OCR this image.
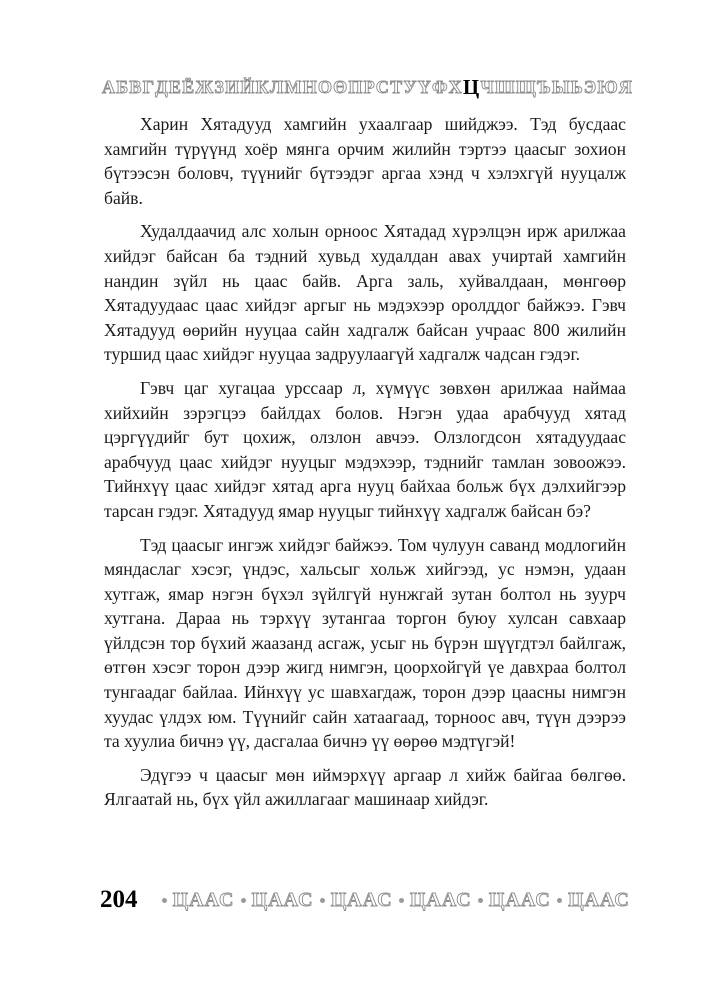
А Б В Г Д Е Ё Ж З И Й К Л М Н О Ө П Р С Т У Ү Ф Х Ц Ч Ш Щ Ъ Ы Ь Э Ю Я

Харин Хятадууд хамгийн ухаалгаар шийджээ. Тэд бусдаас хамгийн түрүүнд хоёр мянга орчим жилийн тэртээ цаасыг зохион бүтээсэн боловч, түүнийг бүтээдэг аргаа хэнд ч хэлэхгүй нууцалж байв.

Худалдаачид алс холын орноос Хятадад хүрэлцэн ирж арилжаа хийдэг байсан ба тэдний хувьд худалдан авах учиртай хамгийн нандин зүйл нь цаас байв. Арга заль, хуйвалдаан, мөнгөөр Хятадуудаас цаас хийдэг аргыг нь мэдэхээр оролддог байжээ. Гэвч Хятадууд өөрийн нууцаа сайн хадгалж байсан учраас 800 жилийн туршид цаас хийдэг нууцаа задруулаагүй хадгалж чадсан гэдэг.

Гэвч цаг хугацаа урссаар л, хүмүүс зөвхөн арилжаа наймаа хийхийн зэрэгцээ байлдах болов. Нэгэн удаа арабчууд хятад цэргүүдийг бут цохиж, олзлон авчээ. Олзлогдсон хятадуудаас арабчууд цаас хийдэг нууцыг мэдэхээр, тэднийг тамлан зовоожээ. Тийнхүү цаас хийдэг хятад арга нууц байхаа больж бүх дэлхийгээр тарсан гэдэг. Хятадууд ямар нууцыг тийнхүү хадгалж байсан бэ?

Тэд цаасыг ингэж хийдэг байжээ. Том чулуун саванд модлогийн мяндаслаг хэсэг, үндэс, хальсыг хольж хийгээд, ус нэмэн, удаан хутгаж, ямар нэгэн бүхэл зүйлгүй нунжгай зутан болтол нь зуурч хутгана. Дараа нь тэрхүү зутангаа торгон буюу хулсан савхаар үйлдсэн тор бүхий жаазанд асгаж, усыг нь бүрэн шүүгдтэл байлгаж, өтгөн хэсэг торон дээр жигд нимгэн, цоорхойгүй үе давхраа болтол тунгаадаг байлаа. Ийнхүү ус шавхагдаж, торон дээр цаасны нимгэн хуудас үлдэх юм. Түүнийг сайн хатаагаад, торноос авч, түүн дээрээ та хуулиа бичнэ үү, дасгалаа бичнэ үү өөрөө мэдтүгэй!

Эдүгээ ч цаасыг мөн иймэрхүү аргаар л хийж байгаа бөлгөө. Ялгаатай нь, бүх үйл ажиллагааг машинаар хийдэг.

204 ЦААС ЦААС ЦААС ЦААС ЦААС ЦААС
